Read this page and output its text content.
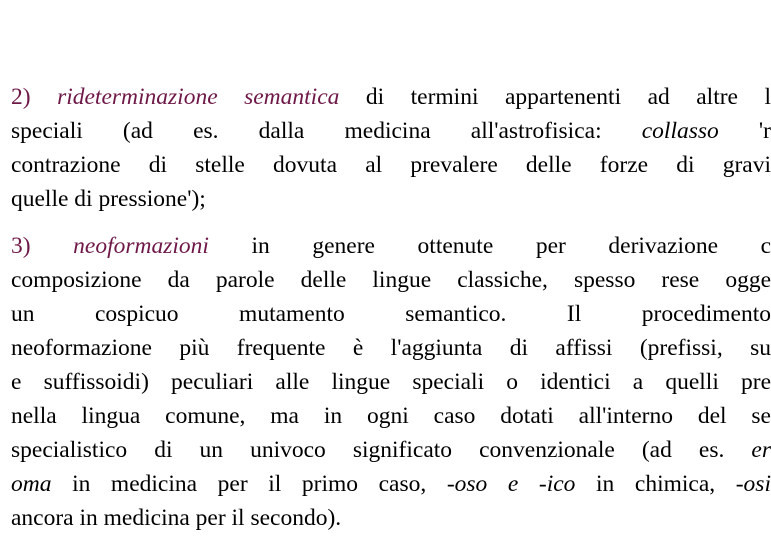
2) rideterminazione semantica di termini appartenenti ad altre l
speciali (ad es. dalla medicina all'astrofisica: collasso 'r
contrazione di stelle dovuta al prevalere delle forze di gravi
quelle di pressione');
3) neoformazioni in genere ottenute per derivazione c
composizione da parole delle lingue classiche, spesso rese ogge
un cospicuo mutamento semantico. Il procedimento
neoformazione più frequente è l'aggiunta di affissi (prefissi, su
e suffissoidi) peculiari alle lingue speciali o identici a quelli pre
nella lingua comune, ma in ogni caso dotati all'interno del se
specialistico di un univoco significato convenzionale (ad es. er
oma in medicina per il primo caso, -oso e -ico in chimica, -osi
ancora in medicina per il secondo).
